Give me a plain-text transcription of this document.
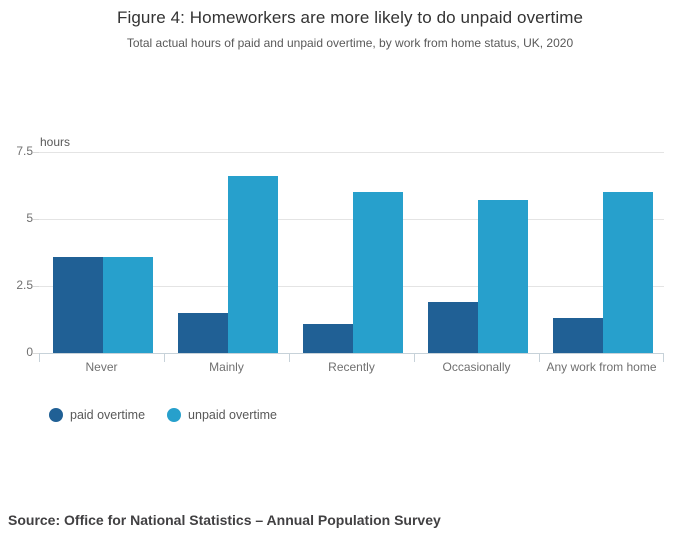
Figure 4: Homeworkers are more likely to do unpaid overtime
Total actual hours of paid and unpaid overtime, by work from home status, UK, 2020
hours
0
2.5
5
7.5
Never	Mainly	Recently	Occasionally	Any work from home
paid overtime	unpaid overtime
Source: Office for National Statistics – Annual Population Survey
